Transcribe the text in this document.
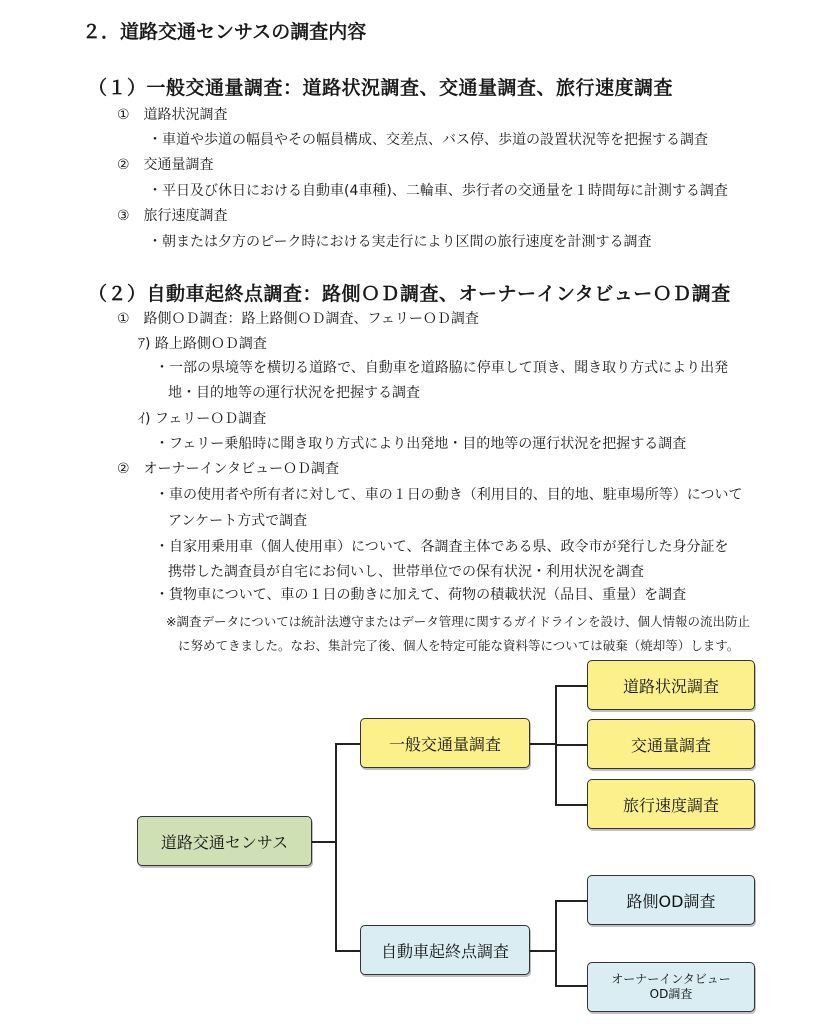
２．道路交通センサスの調査内容
（１）一般交通量調査：道路状況調査、交通量調査、旅行速度調査
①　道路状況調査
・車道や歩道の幅員やその幅員構成、交差点、バス停、歩道の設置状況等を把握する調査
②　交通量調査
・平日及び休日における自動車(4車種)、二輪車、歩行者の交通量を１時間毎に計測する調査
③　旅行速度調査
・朝または夕方のピーク時における実走行により区間の旅行速度を計測する調査
（２）自動車起終点調査：路側ＯＤ調査、オーナーインタビューＯＤ調査
①　路側ＯＤ調査：路上路側ＯＤ調査、フェリーＯＤ調査
ｱ) 路上路側ＯＤ調査
・一部の県境等を横切る道路で、自動車を道路脇に停車して頂き、聞き取り方式により出発
地・目的地等の運行状況を把握する調査
ｲ) フェリーＯＤ調査
・フェリー乗船時に聞き取り方式により出発地・目的地等の運行状況を把握する調査
②　オーナーインタビューＯＤ調査
・車の使用者や所有者に対して、車の１日の動き（利用目的、目的地、駐車場所等）について
アンケート方式で調査
・自家用乗用車（個人使用車）について、各調査主体である県、政令市が発行した身分証を
携帯した調査員が自宅にお伺いし、世帯単位での保有状況・利用状況を調査
・貨物車について、車の１日の動きに加えて、荷物の積載状況（品目、重量）を調査
※調査データについては統計法遵守またはデータ管理に関するガイドラインを設け、個人情報の流出防止
に努めてきました。なお、集計完了後、個人を特定可能な資料等については破棄（焼却等）します。
道路交通センサス
一般交通量調査
自動車起終点調査
道路状況調査
交通量調査
旅行速度調査
路側OD調査
オーナーインタビュー
OD調査
